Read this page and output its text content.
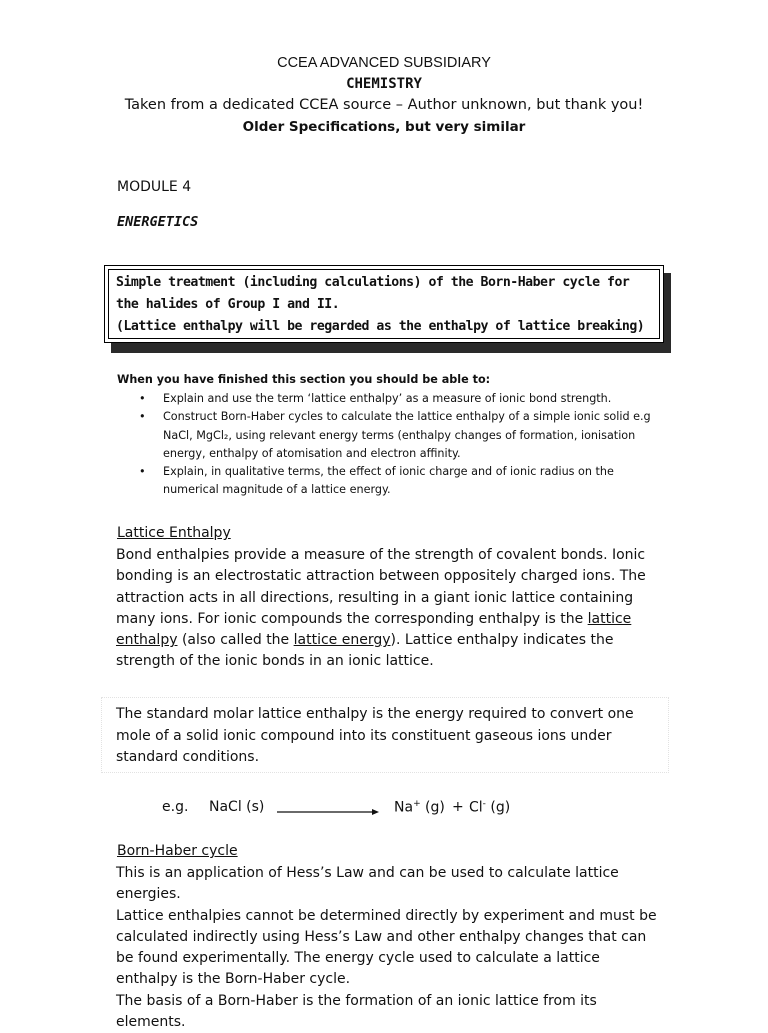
CCEA ADVANCED SUBSIDIARY
CHEMISTRY
Taken from a dedicated CCEA source – Author unknown, but thank you!
Older Specifications, but very similar
MODULE 4
ENERGETICS
Simple treatment (including calculations) of the Born-Haber cycle for
the halides of Group I and II.
(Lattice enthalpy will be regarded as the enthalpy of lattice breaking)
When you have finished this section you should be able to:
• Explain and use the term ‘lattice enthalpy’ as a measure of ionic bond strength.
• Construct Born-Haber cycles to calculate the lattice enthalpy of a simple ionic solid e.g NaCl, MgCl₂, using relevant energy terms (enthalpy changes of formation, ionisation energy, enthalpy of atomisation and electron affinity.
• Explain, in qualitative terms, the effect of ionic charge and of ionic radius on the numerical magnitude of a lattice energy.
Lattice Enthalpy
Bond enthalpies provide a measure of the strength of covalent bonds. Ionic bonding is an electrostatic attraction between oppositely charged ions. The attraction acts in all directions, resulting in a giant ionic lattice containing many ions. For ionic compounds the corresponding enthalpy is the lattice enthalpy (also called the lattice energy). Lattice enthalpy indicates the strength of the ionic bonds in an ionic lattice.
The standard molar lattice enthalpy is the energy required to convert one mole of a solid ionic compound into its constituent gaseous ions under standard conditions.
e.g. NaCl (s)	Na+ (g) + Cl- (g)
Born-Haber cycle
This is an application of Hess’s Law and can be used to calculate lattice energies.
Lattice enthalpies cannot be determined directly by experiment and must be calculated indirectly using Hess’s Law and other enthalpy changes that can be found experimentally. The energy cycle used to calculate a lattice enthalpy is the Born-Haber cycle.
The basis of a Born-Haber is the formation of an ionic lattice from its elements.
